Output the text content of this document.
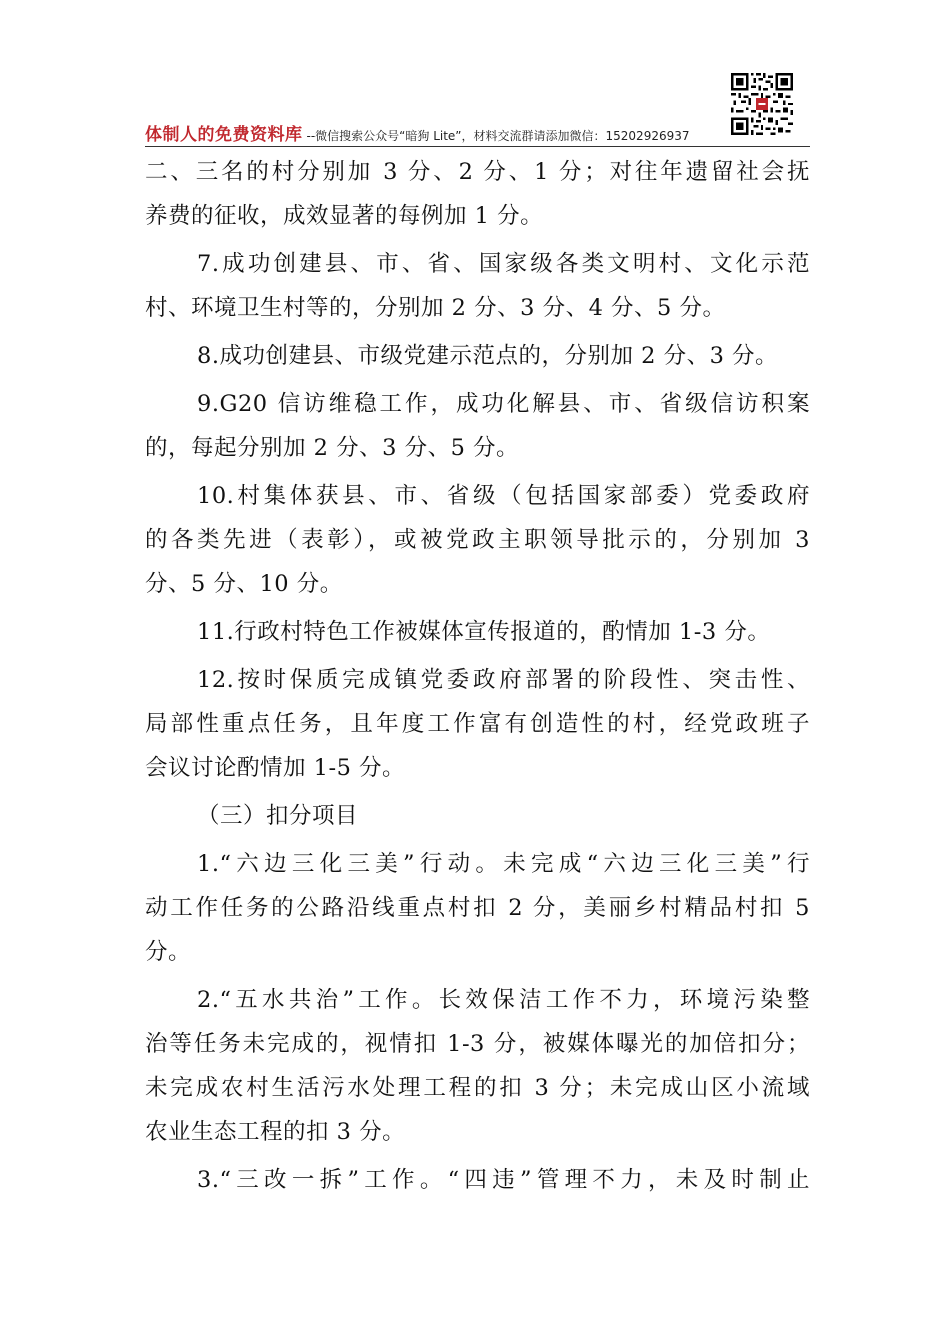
体制人的免费资料库 --微信搜索公众号“暗狗 Lite”，材料交流群请添加微信：15202926937
二、三名的村分别加 3 分、2 分、1 分；对往年遗留社会抚
养费的征收，成效显著的每例加 1 分。
7.成功创建县、市、省、国家级各类文明村、文化示范
村、环境卫生村等的，分别加 2 分、3 分、4 分、5 分。
8.成功创建县、市级党建示范点的，分别加 2 分、3 分。
9.G20 信访维稳工作，成功化解县、市、省级信访积案
的，每起分别加 2 分、3 分、5 分。
10.村集体获县、市、省级（包括国家部委）党委政府
的各类先进（表彰），或被党政主职领导批示的，分别加 3
分、5 分、10 分。
11.行政村特色工作被媒体宣传报道的，酌情加 1-3 分。
12.按时保质完成镇党委政府部署的阶段性、突击性、
局部性重点任务，且年度工作富有创造性的村，经党政班子
会议讨论酌情加 1-5 分。
（三）扣分项目
1.“六边三化三美”行动。未完成“六边三化三美”行
动工作任务的公路沿线重点村扣 2 分，美丽乡村精品村扣 5
分。
2.“五水共治”工作。长效保洁工作不力，环境污染整
治等任务未完成的，视情扣 1-3 分，被媒体曝光的加倍扣分；
未完成农村生活污水处理工程的扣 3 分；未完成山区小流域
农业生态工程的扣 3 分。
3.“三改一拆”工作。“四违”管理不力，未及时制止
